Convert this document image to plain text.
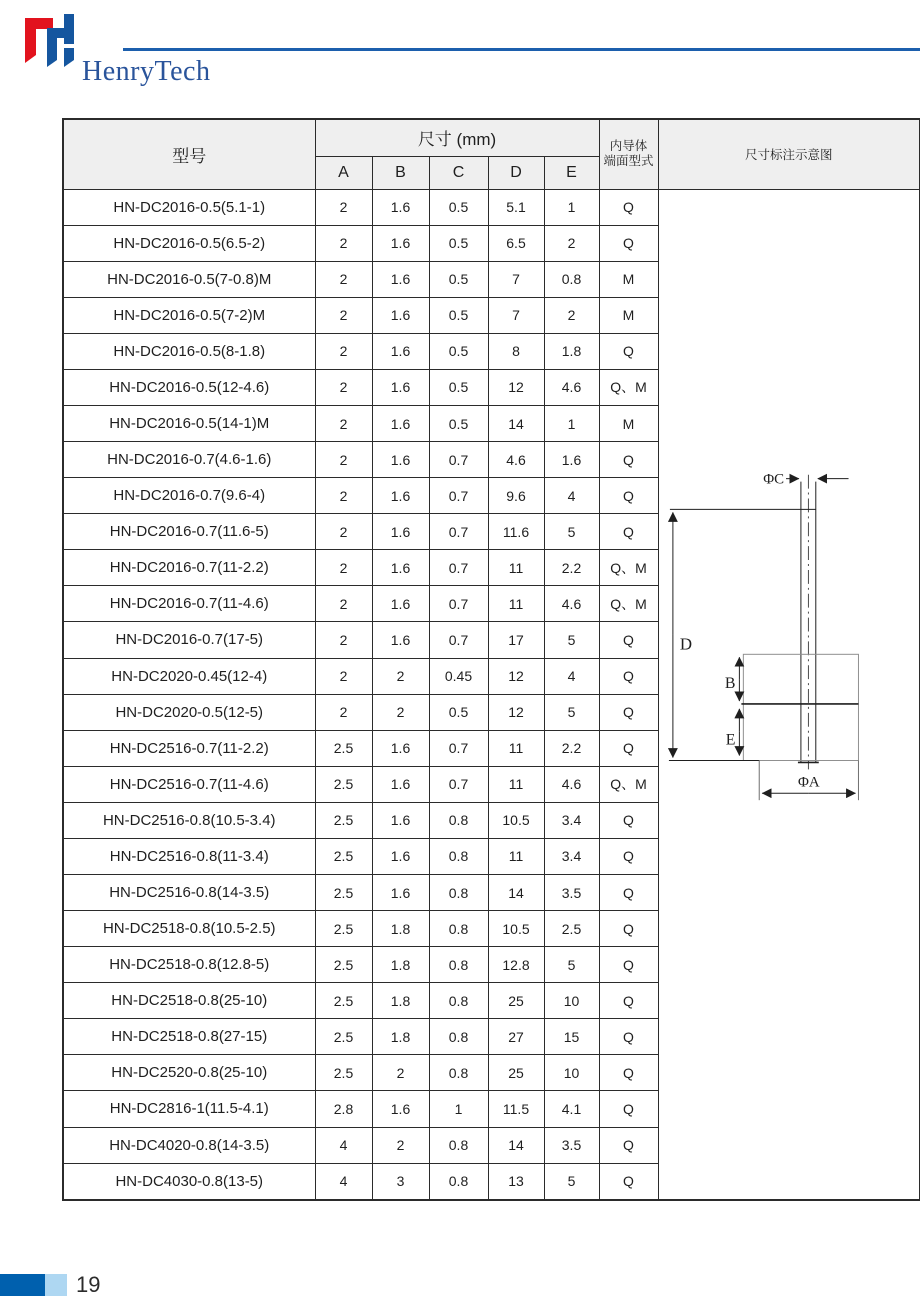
HenryTech
型号	尺寸 (mm)					内导体
端面型式	尺寸标注示意图
	A	B	C	D	E		
HN-DC2016-0.5(5.1-1)	2	1.6	0.5	5.1	1	Q	ΦC
D
B
E
ΦA

HN-DC2016-0.5(6.5-2)	2	1.6	0.5	6.5	2	Q	
HN-DC2016-0.5(7-0.8)M	2	1.6	0.5	7	0.8	M	
HN-DC2016-0.5(7-2)M	2	1.6	0.5	7	2	M	
HN-DC2016-0.5(8-1.8)	2	1.6	0.5	8	1.8	Q	
HN-DC2016-0.5(12-4.6)	2	1.6	0.5	12	4.6	Q、M	
HN-DC2016-0.5(14-1)M	2	1.6	0.5	14	1	M	
HN-DC2016-0.7(4.6-1.6)	2	1.6	0.7	4.6	1.6	Q	
HN-DC2016-0.7(9.6-4)	2	1.6	0.7	9.6	4	Q	
HN-DC2016-0.7(11.6-5)	2	1.6	0.7	11.6	5	Q	
HN-DC2016-0.7(11-2.2)	2	1.6	0.7	11	2.2	Q、M	
HN-DC2016-0.7(11-4.6)	2	1.6	0.7	11	4.6	Q、M	
HN-DC2016-0.7(17-5)	2	1.6	0.7	17	5	Q	
HN-DC2020-0.45(12-4)	2	2	0.45	12	4	Q	
HN-DC2020-0.5(12-5)	2	2	0.5	12	5	Q	
HN-DC2516-0.7(11-2.2)	2.5	1.6	0.7	11	2.2	Q	
HN-DC2516-0.7(11-4.6)	2.5	1.6	0.7	11	4.6	Q、M	
HN-DC2516-0.8(10.5-3.4)	2.5	1.6	0.8	10.5	3.4	Q	
HN-DC2516-0.8(11-3.4)	2.5	1.6	0.8	11	3.4	Q	
HN-DC2516-0.8(14-3.5)	2.5	1.6	0.8	14	3.5	Q	
HN-DC2518-0.8(10.5-2.5)	2.5	1.8	0.8	10.5	2.5	Q	
HN-DC2518-0.8(12.8-5)	2.5	1.8	0.8	12.8	5	Q	
HN-DC2518-0.8(25-10)	2.5	1.8	0.8	25	10	Q	
HN-DC2518-0.8(27-15)	2.5	1.8	0.8	27	15	Q	
HN-DC2520-0.8(25-10)	2.5	2	0.8	25	10	Q	
HN-DC2816-1(11.5-4.1)	2.8	1.6	1	11.5	4.1	Q	
HN-DC4020-0.8(14-3.5)	4	2	0.8	14	3.5	Q	
HN-DC4030-0.8(13-5)	4	3	0.8	13	5	Q	
19
